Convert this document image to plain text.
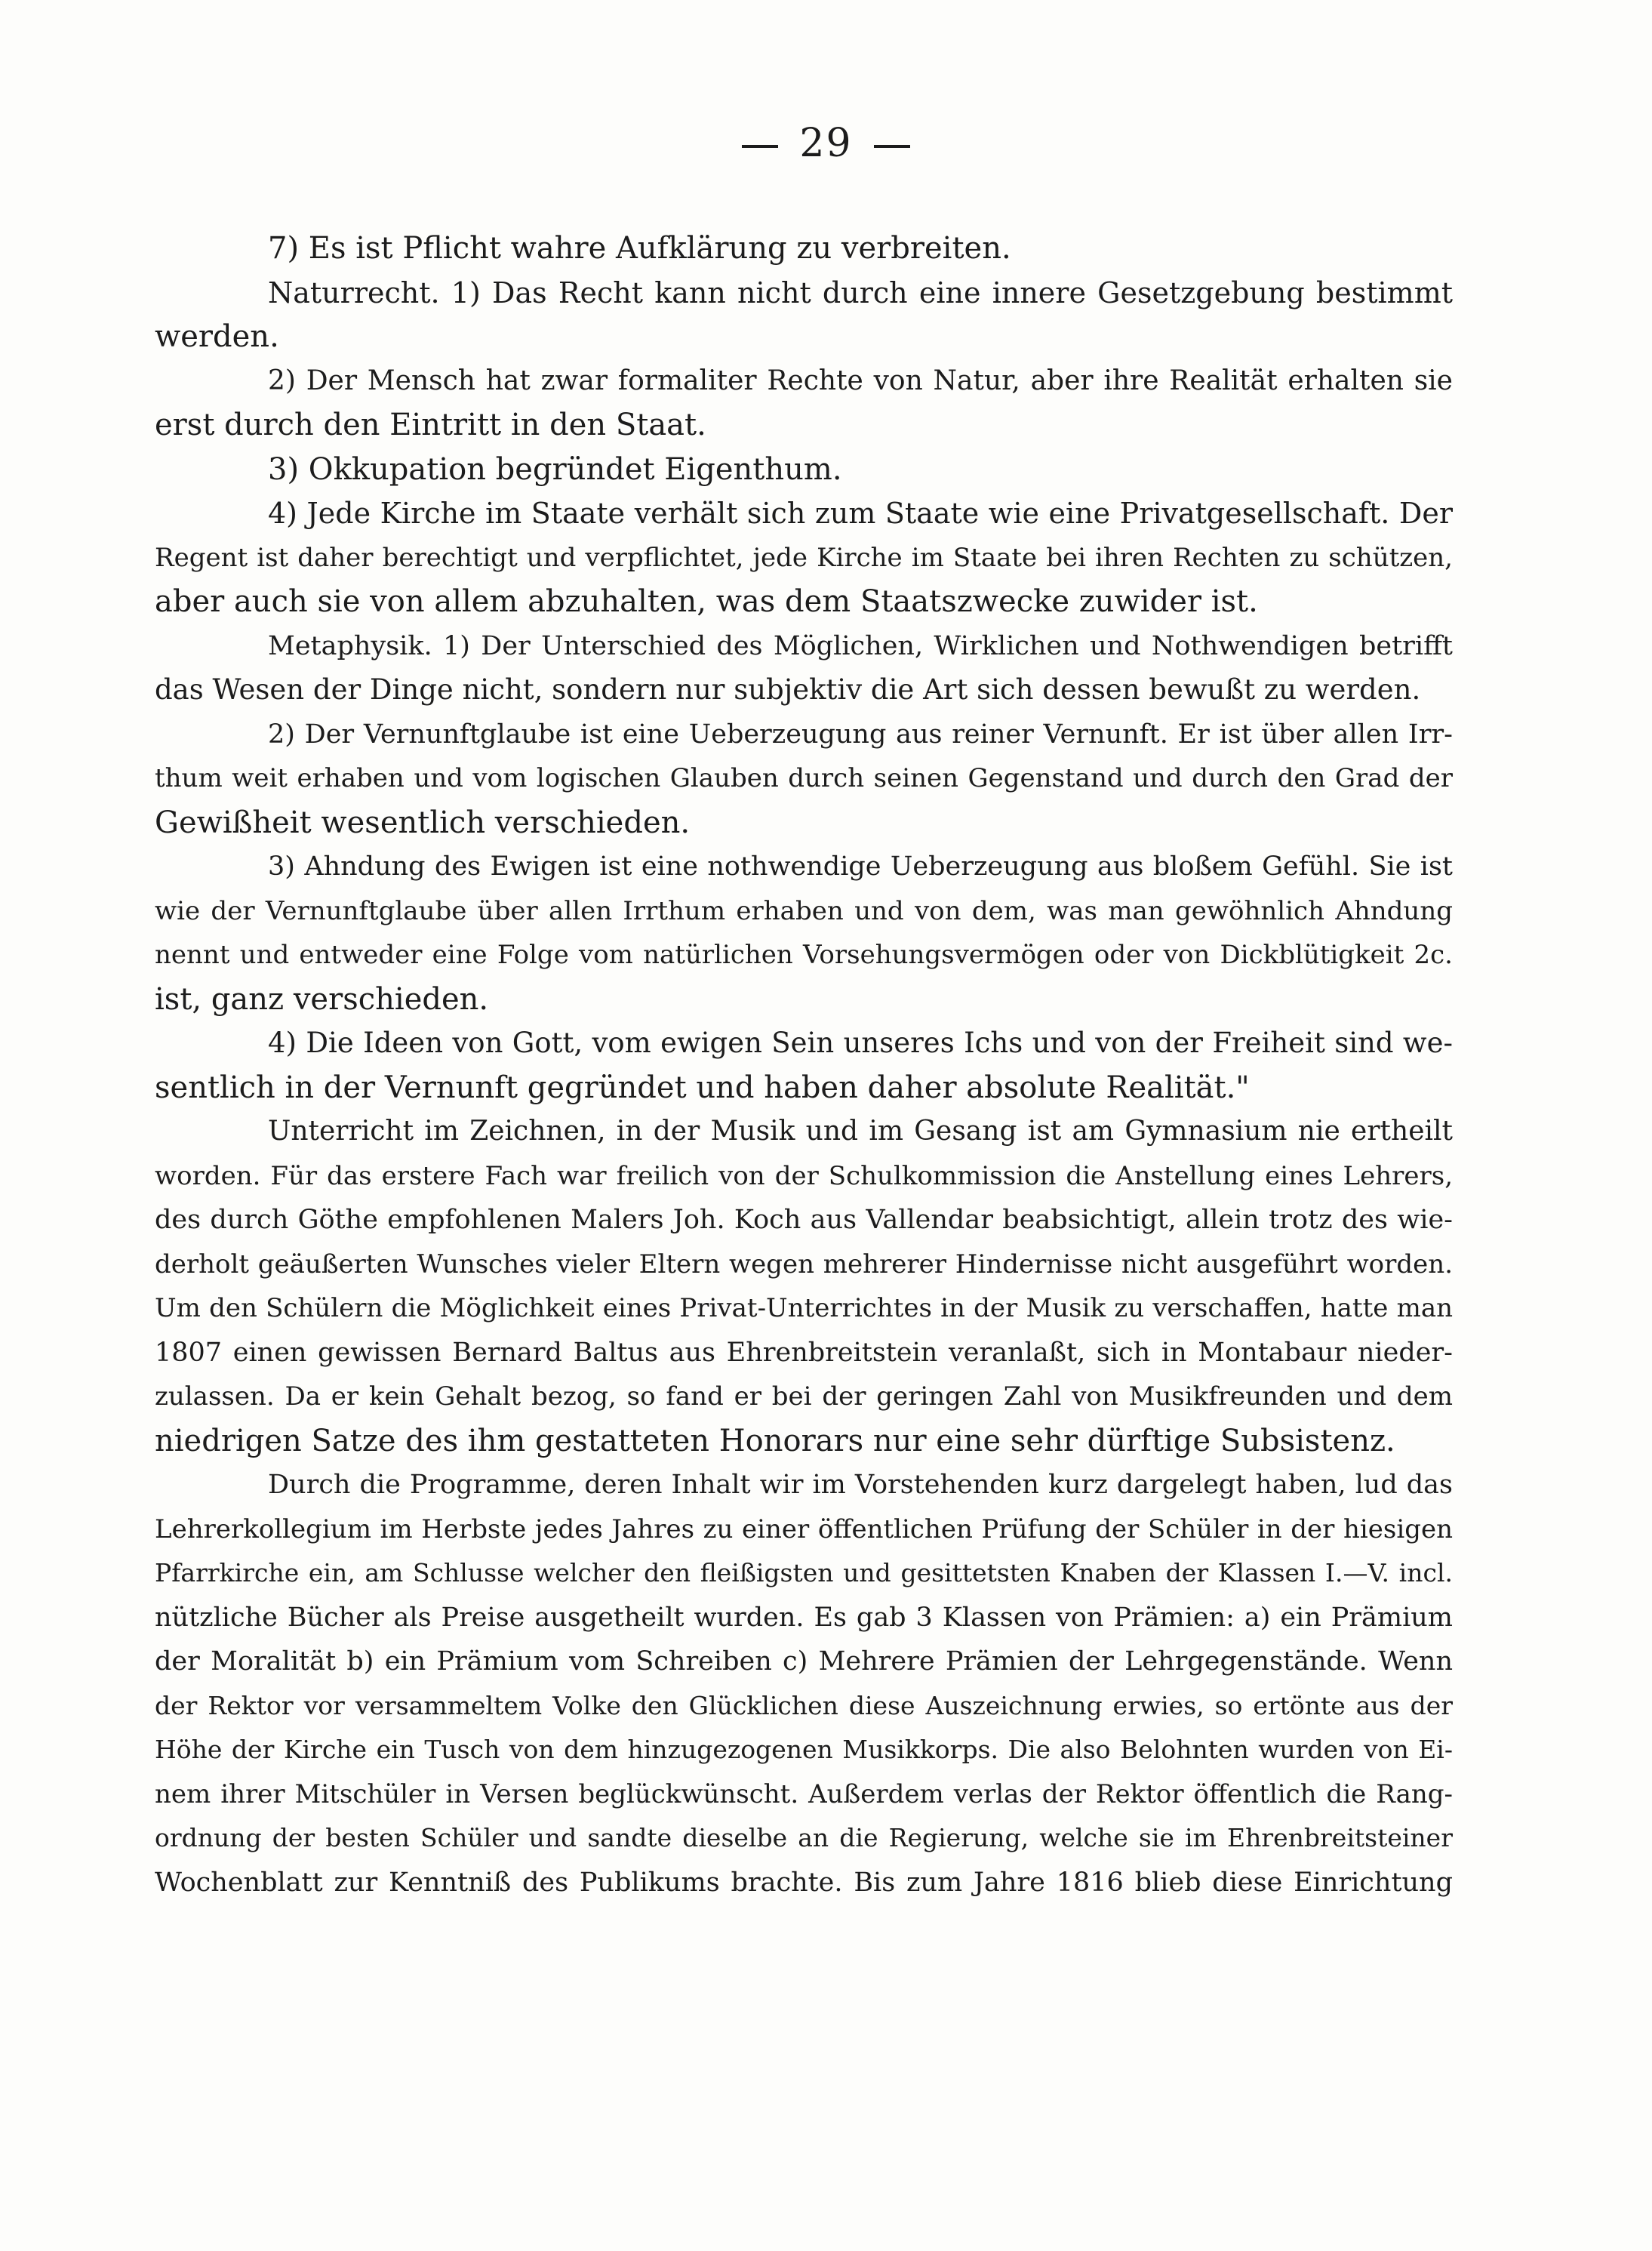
29
7) Es ist Pflicht wahre Aufklärung zu verbreiten.
Naturrecht. 1) Das Recht kann nicht durch eine innere Gesetzgebung bestimmt
werden.
2) Der Mensch hat zwar formaliter Rechte von Natur, aber ihre Realität erhalten sie
erst durch den Eintritt in den Staat.
3) Okkupation begründet Eigenthum.
4) Jede Kirche im Staate verhält sich zum Staate wie eine Privatgesellschaft. Der
Regent ist daher berechtigt und verpflichtet, jede Kirche im Staate bei ihren Rechten zu schützen,
aber auch sie von allem abzuhalten, was dem Staatszwecke zuwider ist.
Metaphysik. 1) Der Unterschied des Möglichen, Wirklichen und Nothwendigen betrifft
das Wesen der Dinge nicht, sondern nur subjektiv die Art sich dessen bewußt zu werden.
2) Der Vernunftglaube ist eine Ueberzeugung aus reiner Vernunft. Er ist über allen Irr-
thum weit erhaben und vom logischen Glauben durch seinen Gegenstand und durch den Grad der
Gewißheit wesentlich verschieden.
3) Ahndung des Ewigen ist eine nothwendige Ueberzeugung aus bloßem Gefühl. Sie ist
wie der Vernunftglaube über allen Irrthum erhaben und von dem, was man gewöhnlich Ahndung
nennt und entweder eine Folge vom natürlichen Vorsehungsvermögen oder von Dickblütigkeit 2c.
ist, ganz verschieden.
4) Die Ideen von Gott, vom ewigen Sein unseres Ichs und von der Freiheit sind we-
sentlich in der Vernunft gegründet und haben daher absolute Realität."
Unterricht im Zeichnen, in der Musik und im Gesang ist am Gymnasium nie ertheilt
worden. Für das erstere Fach war freilich von der Schulkommission die Anstellung eines Lehrers,
des durch Göthe empfohlenen Malers Joh. Koch aus Vallendar beabsichtigt, allein trotz des wie-
derholt geäußerten Wunsches vieler Eltern wegen mehrerer Hindernisse nicht ausgeführt worden.
Um den Schülern die Möglichkeit eines Privat-Unterrichtes in der Musik zu verschaffen, hatte man
1807 einen gewissen Bernard Baltus aus Ehrenbreitstein veranlaßt, sich in Montabaur nieder-
zulassen. Da er kein Gehalt bezog, so fand er bei der geringen Zahl von Musikfreunden und dem
niedrigen Satze des ihm gestatteten Honorars nur eine sehr dürftige Subsistenz.
Durch die Programme, deren Inhalt wir im Vorstehenden kurz dargelegt haben, lud das
Lehrerkollegium im Herbste jedes Jahres zu einer öffentlichen Prüfung der Schüler in der hiesigen
Pfarrkirche ein, am Schlusse welcher den fleißigsten und gesittetsten Knaben der Klassen I.—V. incl.
nützliche Bücher als Preise ausgetheilt wurden. Es gab 3 Klassen von Prämien: a) ein Prämium
der Moralität b) ein Prämium vom Schreiben c) Mehrere Prämien der Lehrgegenstände. Wenn
der Rektor vor versammeltem Volke den Glücklichen diese Auszeichnung erwies, so ertönte aus der
Höhe der Kirche ein Tusch von dem hinzugezogenen Musikkorps. Die also Belohnten wurden von Ei-
nem ihrer Mitschüler in Versen beglückwünscht. Außerdem verlas der Rektor öffentlich die Rang-
ordnung der besten Schüler und sandte dieselbe an die Regierung, welche sie im Ehrenbreitsteiner
Wochenblatt zur Kenntniß des Publikums brachte. Bis zum Jahre 1816 blieb diese Einrichtung
